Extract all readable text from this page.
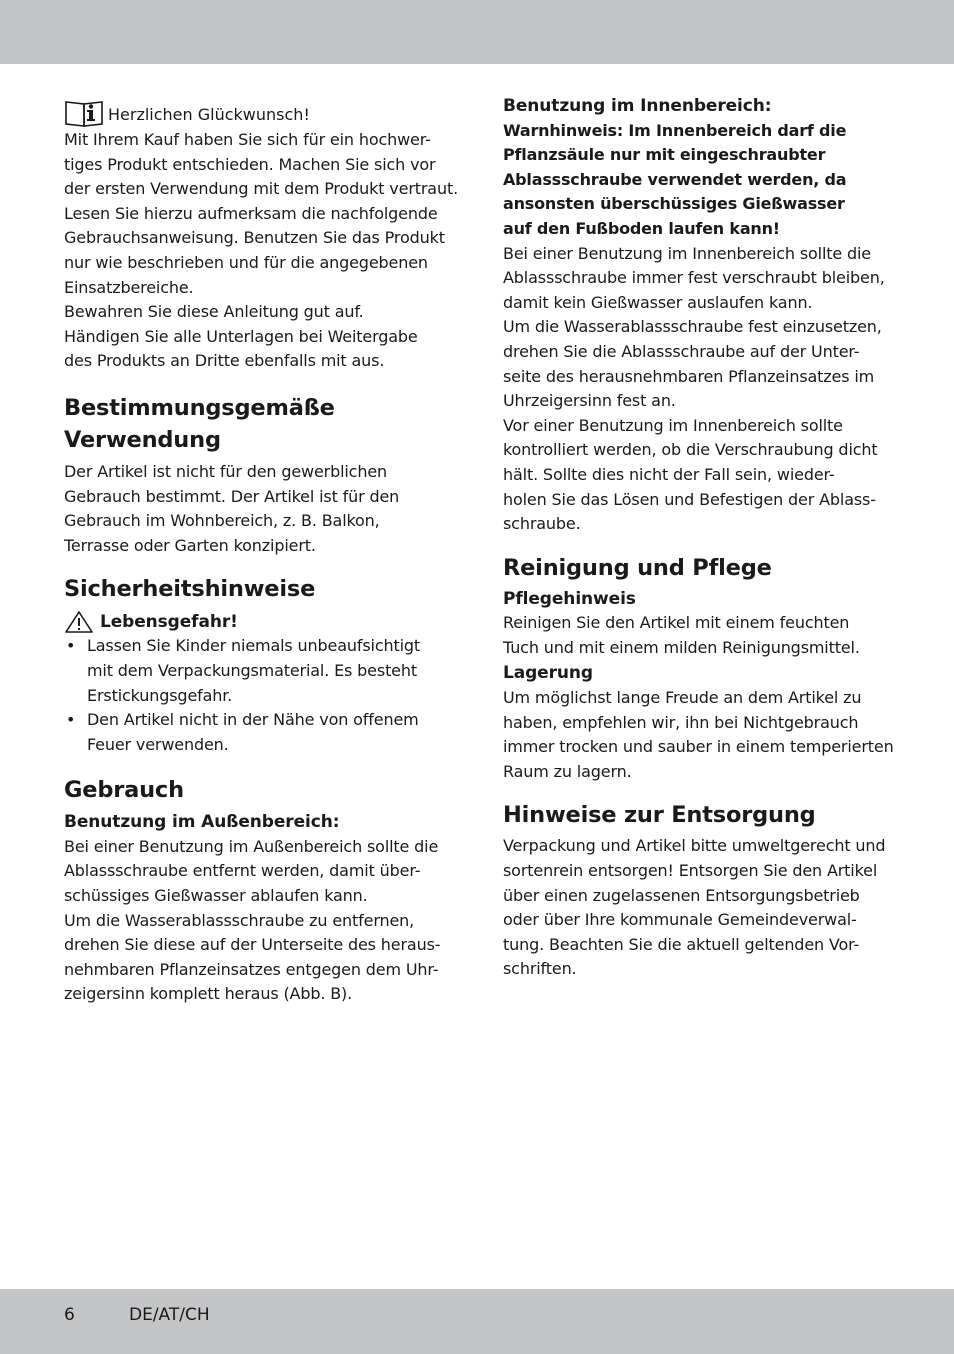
Herzlichen Glückwunsch!

Mit Ihrem Kauf haben Sie sich für ein hochwer-
tiges Produkt entschieden. Machen Sie sich vor
der ersten Verwendung mit dem Produkt vertraut.
Lesen Sie hierzu aufmerksam die nachfolgende
Gebrauchsanweisung. Benutzen Sie das Produkt
nur wie beschrieben und für die angegebenen
Einsatzbereiche.
Bewahren Sie diese Anleitung gut auf.
Händigen Sie alle Unterlagen bei Weitergabe
des Produkts an Dritte ebenfalls mit aus.

Bestimmungsgemäße
Verwendung

Der Artikel ist nicht für den gewerblichen
Gebrauch bestimmt. Der Artikel ist für den
Gebrauch im Wohnbereich, z. B. Balkon,
Terrasse oder Garten konzipiert.

Sicherheitshinweise
Lebensgefahr!
• Lassen Sie Kinder niemals unbeaufsichtigt
mit dem Verpackungsmaterial. Es besteht
Erstickungsgefahr.
• Den Artikel nicht in der Nähe von offenem
Feuer verwenden.
Gebrauch
Benutzung im Außenbereich:

Bei einer Benutzung im Außenbereich sollte die
Ablassschraube entfernt werden, damit über-
schüssiges Gießwasser ablaufen kann.
Um die Wasserablassschraube zu entfernen,
drehen Sie diese auf der Unterseite des heraus-
nehmbaren Pflanzeinsatzes entgegen dem Uhr-
zeigersinn komplett heraus (Abb. B).

Benutzung im Innenbereich:

Warnhinweis: Im Innenbereich darf die
Pflanzsäule nur mit eingeschraubter
Ablassschraube verwendet werden, da
ansonsten überschüssiges Gießwasser
auf den Fußboden laufen kann!

Bei einer Benutzung im Innenbereich sollte die
Ablassschraube immer fest verschraubt bleiben,
damit kein Gießwasser auslaufen kann.
Um die Wasserablassschraube fest einzusetzen,
drehen Sie die Ablassschraube auf der Unter-
seite des herausnehmbaren Pflanzeinsatzes im
Uhrzeigersinn fest an.
Vor einer Benutzung im Innenbereich sollte
kontrolliert werden, ob die Verschraubung dicht
hält. Sollte dies nicht der Fall sein, wieder-
holen Sie das Lösen und Befestigen der Ablass-
schraube.

Reinigung und Pflege
Pflegehinweis

Reinigen Sie den Artikel mit einem feuchten
Tuch und mit einem milden Reinigungsmittel.

Lagerung

Um möglichst lange Freude an dem Artikel zu
haben, empfehlen wir, ihn bei Nichtgebrauch
immer trocken und sauber in einem temperierten
Raum zu lagern.

Hinweise zur Entsorgung

Verpackung und Artikel bitte umweltgerecht und
sortenrein entsorgen! Entsorgen Sie den Artikel
über einen zugelassenen Entsorgungsbetrieb
oder über Ihre kommunale Gemeindeverwal-
tung. Beachten Sie die aktuell geltenden Vor-
schriften.

6	DE/AT/CH
